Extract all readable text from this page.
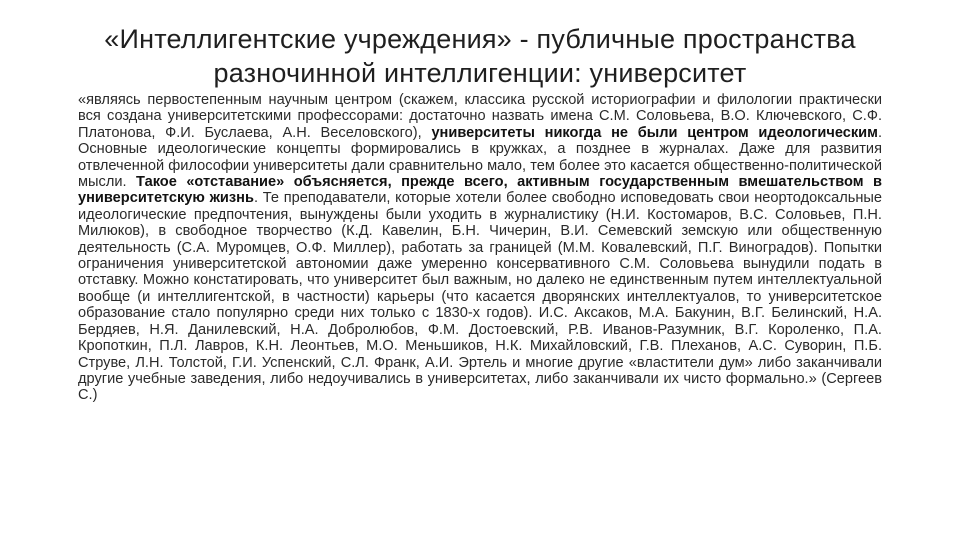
«Интеллигентские учреждения» - публичные пространства
разночинной интеллигенции: университет

«являясь первостепенным научным центром (скажем, классика русской историографии и филологии практически вся создана университетскими профессорами: достаточно назвать имена С.М. Соловьева, В.О. Ключевского, С.Ф. Платонова, Ф.И. Буслаева, А.Н. Веселовского), университеты никогда не были центром идеологическим. Основные идеологические концепты формировались в кружках, а позднее в журналах. Даже для развития отвлеченной философии университеты дали сравнительно мало, тем более это касается общественно-политической мысли. Такое «отставание» объясняется, прежде всего, активным государственным вмешательством в университетскую жизнь. Те преподаватели, которые хотели более свободно исповедовать свои неортодоксальные идеологические предпочтения, вынуждены были уходить в журналистику (Н.И. Костомаров, В.С. Соловьев, П.Н. Милюков), в свободное творчество (К.Д. Кавелин, Б.Н. Чичерин, В.И. Семевский земскую или общественную деятельность (С.А. Муромцев, О.Ф. Миллер), работать за границей (М.М. Ковалевский, П.Г. Виноградов). Попытки ограничения университетской автономии даже умеренно консервативного С.М. Соловьева вынудили подать в отставку. Можно констатировать, что университет был важным, но далеко не единственным путем интеллектуальной вообще (и интеллигентской, в частности) карьеры (что касается дворянских интеллектуалов, то университетское образование стало популярно среди них только с 1830-х годов). И.С. Аксаков, М.А. Бакунин, В.Г. Белинский, Н.А. Бердяев, Н.Я. Данилевский, Н.А. Добролюбов, Ф.М. Достоевский, Р.В. Иванов-Разумник, В.Г. Короленко, П.А. Кропоткин, П.Л. Лавров, К.Н. Леонтьев, М.О. Меньшиков, Н.К. Михайловский, Г.В. Плеханов, А.С. Суворин, П.Б. Струве, Л.Н. Толстой, Г.И. Успенский, С.Л. Франк, А.И. Эртель и многие другие «властители дум» либо заканчивали другие учебные заведения, либо недоучивались в университетах, либо заканчивали их чисто формально.» (Сергеев С.)
